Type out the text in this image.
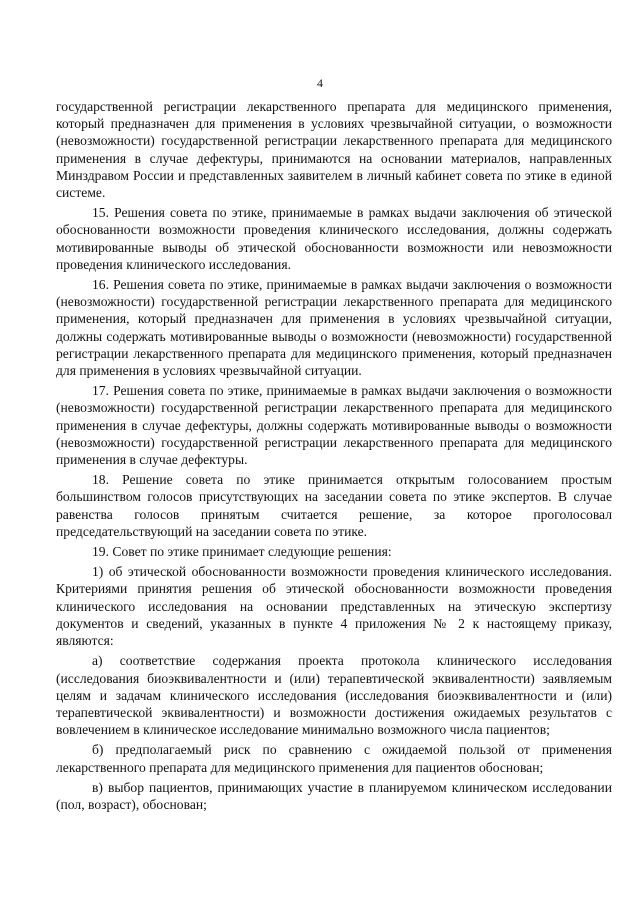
4

государственной регистрации лекарственного препарата для медицинского применения, который предназначен для применения в условиях чрезвычайной ситуации, о возможности (невозможности) государственной регистрации лекарственного препарата для медицинского применения в случае дефектуры, принимаются на основании материалов, направленных Минздравом России и представленных заявителем в личный кабинет совета по этике в единой системе.

15. Решения совета по этике, принимаемые в рамках выдачи заключения об этической обоснованности возможности проведения клинического исследования, должны содержать мотивированные выводы об этической обоснованности возможности или невозможности проведения клинического исследования.

16. Решения совета по этике, принимаемые в рамках выдачи заключения о возможности (невозможности) государственной регистрации лекарственного препарата для медицинского применения, который предназначен для применения в условиях чрезвычайной ситуации, должны содержать мотивированные выводы о возможности (невозможности) государственной регистрации лекарственного препарата для медицинского применения, который предназначен для применения в условиях чрезвычайной ситуации.

17. Решения совета по этике, принимаемые в рамках выдачи заключения о возможности (невозможности) государственной регистрации лекарственного препарата для медицинского применения в случае дефектуры, должны содержать мотивированные выводы о возможности (невозможности) государственной регистрации лекарственного препарата для медицинского применения в случае дефектуры.

18. Решение совета по этике принимается открытым голосованием простым большинством голосов присутствующих на заседании совета по этике экспертов. В случае равенства голосов принятым считается решение, за которое проголосовал председательствующий на заседании совета по этике.

19. Совет по этике принимает следующие решения:

1) об этической обоснованности возможности проведения клинического исследования. Критериями принятия решения об этической обоснованности возможности проведения клинического исследования на основании представленных на этическую экспертизу документов и сведений, указанных в пункте 4 приложения № 2 к настоящему приказу, являются:

а) соответствие содержания проекта протокола клинического исследования (исследования биоэквивалентности и (или) терапевтической эквивалентности) заявляемым целям и задачам клинического исследования (исследования биоэквивалентности и (или) терапевтической эквивалентности) и возможности достижения ожидаемых результатов с вовлечением в клиническое исследование минимально возможного числа пациентов;

б) предполагаемый риск по сравнению с ожидаемой пользой от применения лекарственного препарата для медицинского применения для пациентов обоснован;

в) выбор пациентов, принимающих участие в планируемом клиническом исследовании (пол, возраст), обоснован;
